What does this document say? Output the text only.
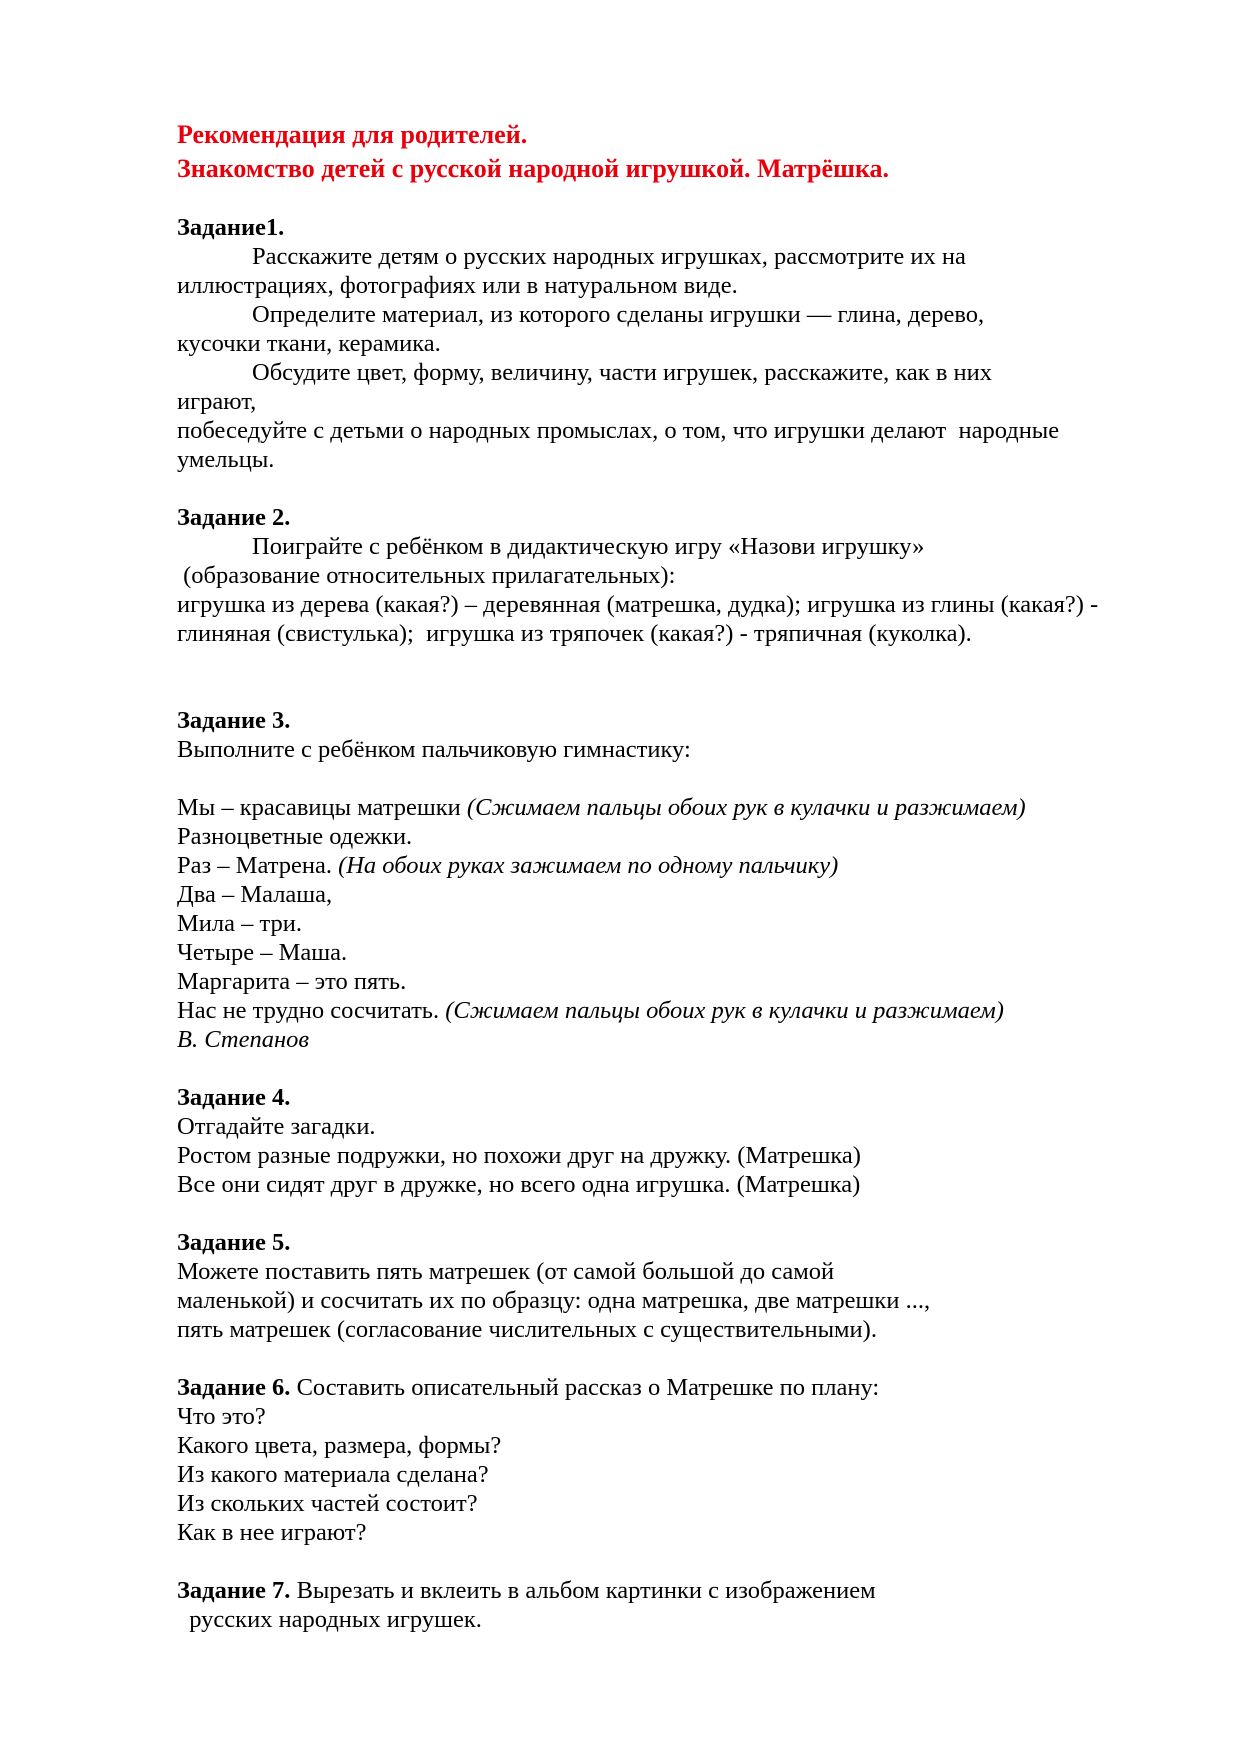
Рекомендация для родителей.
Знакомство детей с русской народной игрушкой. Матрёшка.
Задание1.
Расскажите детям о русских народных игрушках, рассмотрите их на
иллюстрациях, фотографиях или в натуральном виде.
Определите материал, из которого сделаны игрушки — глина, дерево,
кусочки ткани, керамика.
Обсудите цвет, форму, величину, части игрушек, расскажите, как в них
играют,
побеседуйте с детьми о народных промыслах, о том, что игрушки делают  народные
умельцы.
Задание 2.
Поиграйте с ребёнком в дидактическую игру «Назови игрушку»
(образование относительных прилагательных):
игрушка из дерева (какая?) – деревянная (матрешка, дудка); игрушка из глины (какая?) -
глиняная (свистулька);  игрушка из тряпочек (какая?) - тряпичная (куколка).
Задание 3.
Выполните с ребёнком пальчиковую гимнастику:
Мы – красавицы матрешки (Сжимаем пальцы обоих рук в кулачки и разжимаем)
Разноцветные одежки.
Раз – Матрена. (На обоих руках зажимаем по одному пальчику)
Два – Малаша,
Мила – три.
Четыре – Маша.
Маргарита – это пять.
Нас не трудно сосчитать. (Сжимаем пальцы обоих рук в кулачки и разжимаем)
В. Степанов
Задание 4.
Отгадайте загадки.
Ростом разные подружки, но похожи друг на дружку. (Матрешка)
Все они сидят друг в дружке, но всего одна игрушка. (Матрешка)
Задание 5.
Можете поставить пять матрешек (от самой большой до самой
маленькой) и сосчитать их по образцу: одна матрешка, две матрешки ...,
пять матрешек (согласование числительных с существительными).
Задание 6. Составить описательный рассказ о Матрешке по плану:
Что это?
Какого цвета, размера, формы?
Из какого материала сделана?
Из скольких частей состоит?
Как в нее играют?
Задание 7. Вырезать и вклеить в альбом картинки с изображением
русских народных игрушек.
